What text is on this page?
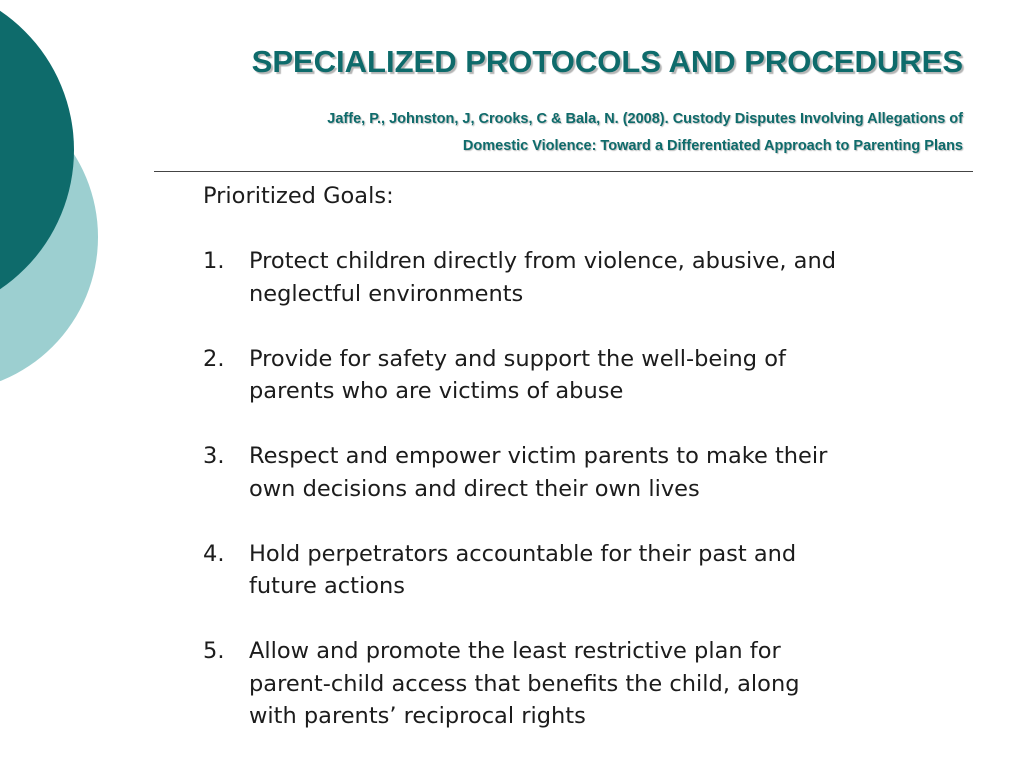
SPECIALIZED PROTOCOLS AND PROCEDURES
Jaffe, P., Johnston, J, Crooks, C & Bala, N. (2008). Custody Disputes Involving Allegations of
Domestic Violence: Toward a Differentiated Approach to Parenting Plans

Prioritized Goals:

1.	Protect children directly from violence, abusive, and
neglectful environments
2.	Provide for safety and support the well-being of
parents who are victims of abuse
3.	Respect and empower victim parents to make their
own decisions and direct their own lives
4.	Hold perpetrators accountable for their past and
future actions
5.	Allow and promote the least restrictive plan for
parent-child access that benefits the child, along
with parents’ reciprocal rights
